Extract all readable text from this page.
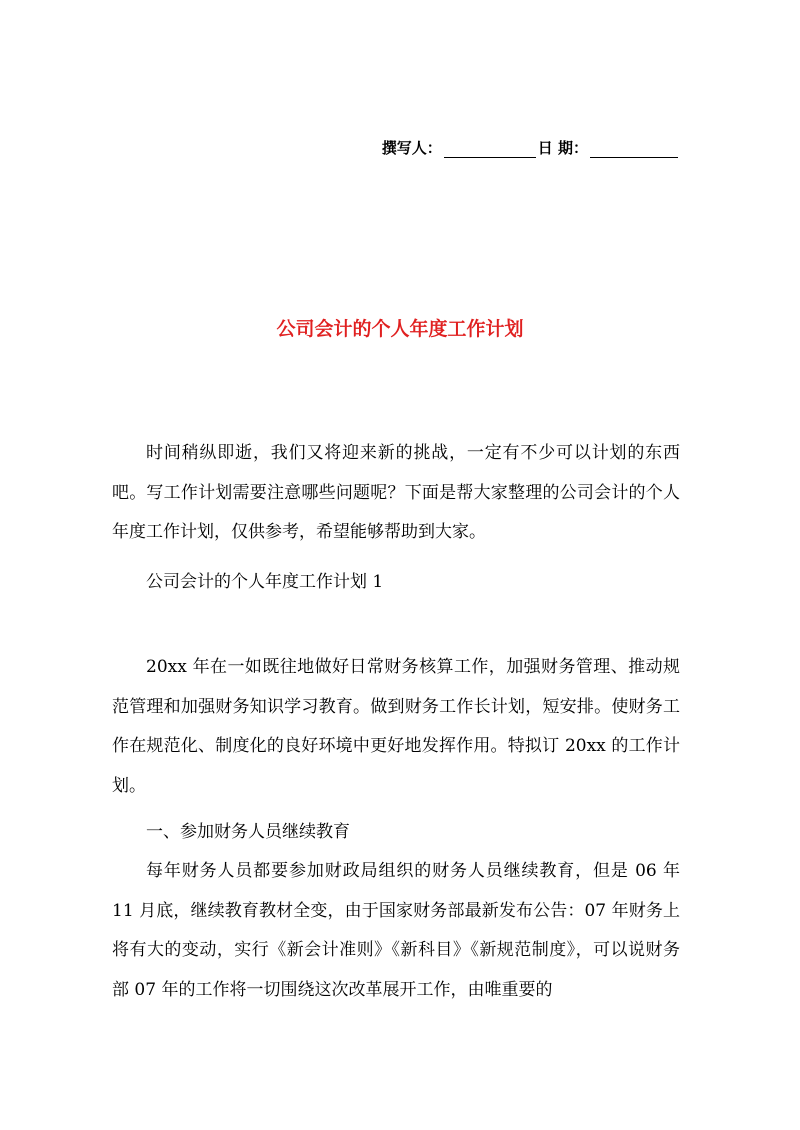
撰写人：	日 期：
公司会计的个人年度工作计划

时间稍纵即逝，我们又将迎来新的挑战，一定有不少可以计划的东西吧。写工作计划需要注意哪些问题呢？下面是帮大家整理的公司会计的个人年度工作计划，仅供参考，希望能够帮助到大家。

公司会计的个人年度工作计划 1

20xx 年在一如既往地做好日常财务核算工作，加强财务管理、推动规范管理和加强财务知识学习教育。做到财务工作长计划，短安排。使财务工作在规范化、制度化的良好环境中更好地发挥作用。特拟订 20xx 的工作计划。

一、参加财务人员继续教育

每年财务人员都要参加财政局组织的财务人员继续教育，但是 06 年 11 月底，继续教育教材全变，由于国家财务部最新发布公告：07 年财务上将有大的变动，实行《新会计准则》《新科目》《新规范制度》，可以说财务部 07 年的工作将一切围绕这次改革展开工作，由唯重要的
